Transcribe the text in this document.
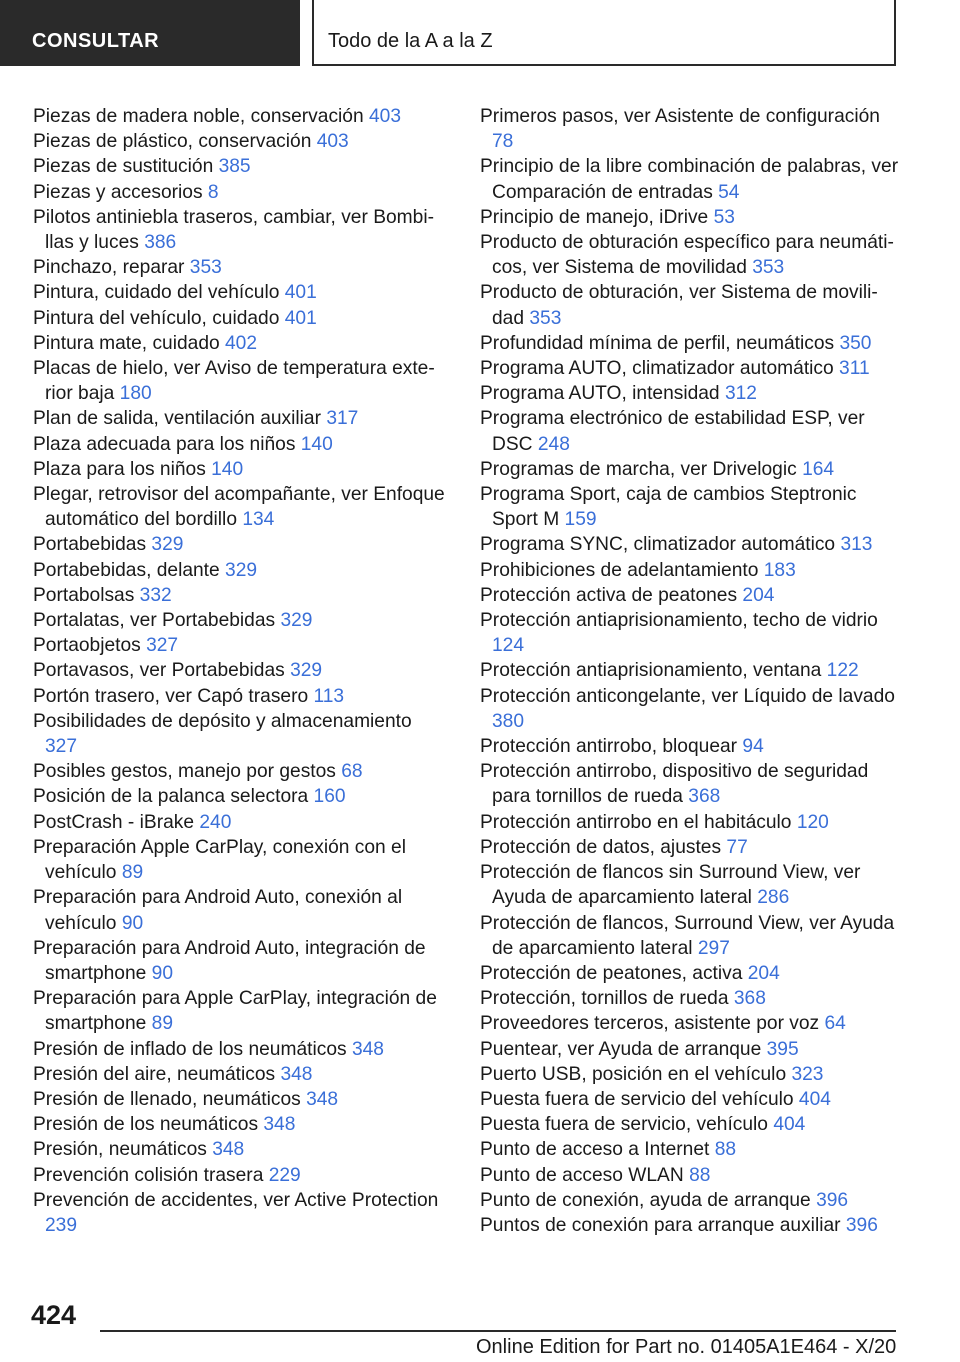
CONSULTAR	Todo de la A a la Z
Piezas de madera noble, conservación 403
Piezas de plástico, conservación 403
Piezas de sustitución 385
Piezas y accesorios 8
Pilotos antiniebla traseros, cambiar, ver Bombillas y luces 386
Pinchazo, reparar 353
Pintura, cuidado del vehículo 401
Pintura del vehículo, cuidado 401
Pintura mate, cuidado 402
Placas de hielo, ver Aviso de temperatura exterior baja 180
Plan de salida, ventilación auxiliar 317
Plaza adecuada para los niños 140
Plaza para los niños 140
Plegar, retrovisor del acompañante, ver Enfoque automático del bordillo 134
Portabebidas 329
Portabebidas, delante 329
Portabolsas 332
Portalatas, ver Portabebidas 329
Portaobjetos 327
Portavasos, ver Portabebidas 329
Portón trasero, ver Capó trasero 113
Posibilidades de depósito y almacenamiento 327
Posibles gestos, manejo por gestos 68
Posición de la palanca selectora 160
PostCrash - iBrake 240
Preparación Apple CarPlay, conexión con el vehículo 89
Preparación para Android Auto, conexión al vehículo 90
Preparación para Android Auto, integración de smartphone 90
Preparación para Apple CarPlay, integración de smartphone 89
Presión de inflado de los neumáticos 348
Presión del aire, neumáticos 348
Presión de llenado, neumáticos 348
Presión de los neumáticos 348
Presión, neumáticos 348
Prevención colisión trasera 229
Prevención de accidentes, ver Active Protection 239
Primeros pasos, ver Asistente de configuración 78
Principio de la libre combinación de palabras, ver Comparación de entradas 54
Principio de manejo, iDrive 53
Producto de obturación específico para neumáticos, ver Sistema de movilidad 353
Producto de obturación, ver Sistema de movilidad 353
Profundidad mínima de perfil, neumáticos 350
Programa AUTO, climatizador automático 311
Programa AUTO, intensidad 312
Programa electrónico de estabilidad ESP, ver DSC 248
Programas de marcha, ver Drivelogic 164
Programa Sport, caja de cambios Steptronic Sport M 159
Programa SYNC, climatizador automático 313
Prohibiciones de adelantamiento 183
Protección activa de peatones 204
Protección antiaprisionamiento, techo de vidrio 124
Protección antiaprisionamiento, ventana 122
Protección anticongelante, ver Líquido de lavado 380
Protección antirrobo, bloquear 94
Protección antirrobo, dispositivo de seguridad para tornillos de rueda 368
Protección antirrobo en el habitáculo 120
Protección de datos, ajustes 77
Protección de flancos sin Surround View, ver Ayuda de aparcamiento lateral 286
Protección de flancos, Surround View, ver Ayuda de aparcamiento lateral 297
Protección de peatones, activa 204
Protección, tornillos de rueda 368
Proveedores terceros, asistente por voz 64
Puentear, ver Ayuda de arranque 395
Puerto USB, posición en el vehículo 323
Puesta fuera de servicio del vehículo 404
Puesta fuera de servicio, vehículo 404
Punto de acceso a Internet 88
Punto de acceso WLAN 88
Punto de conexión, ayuda de arranque 396
Puntos de conexión para arranque auxiliar 396
424
Online Edition for Part no. 01405A1E464 - X/20
